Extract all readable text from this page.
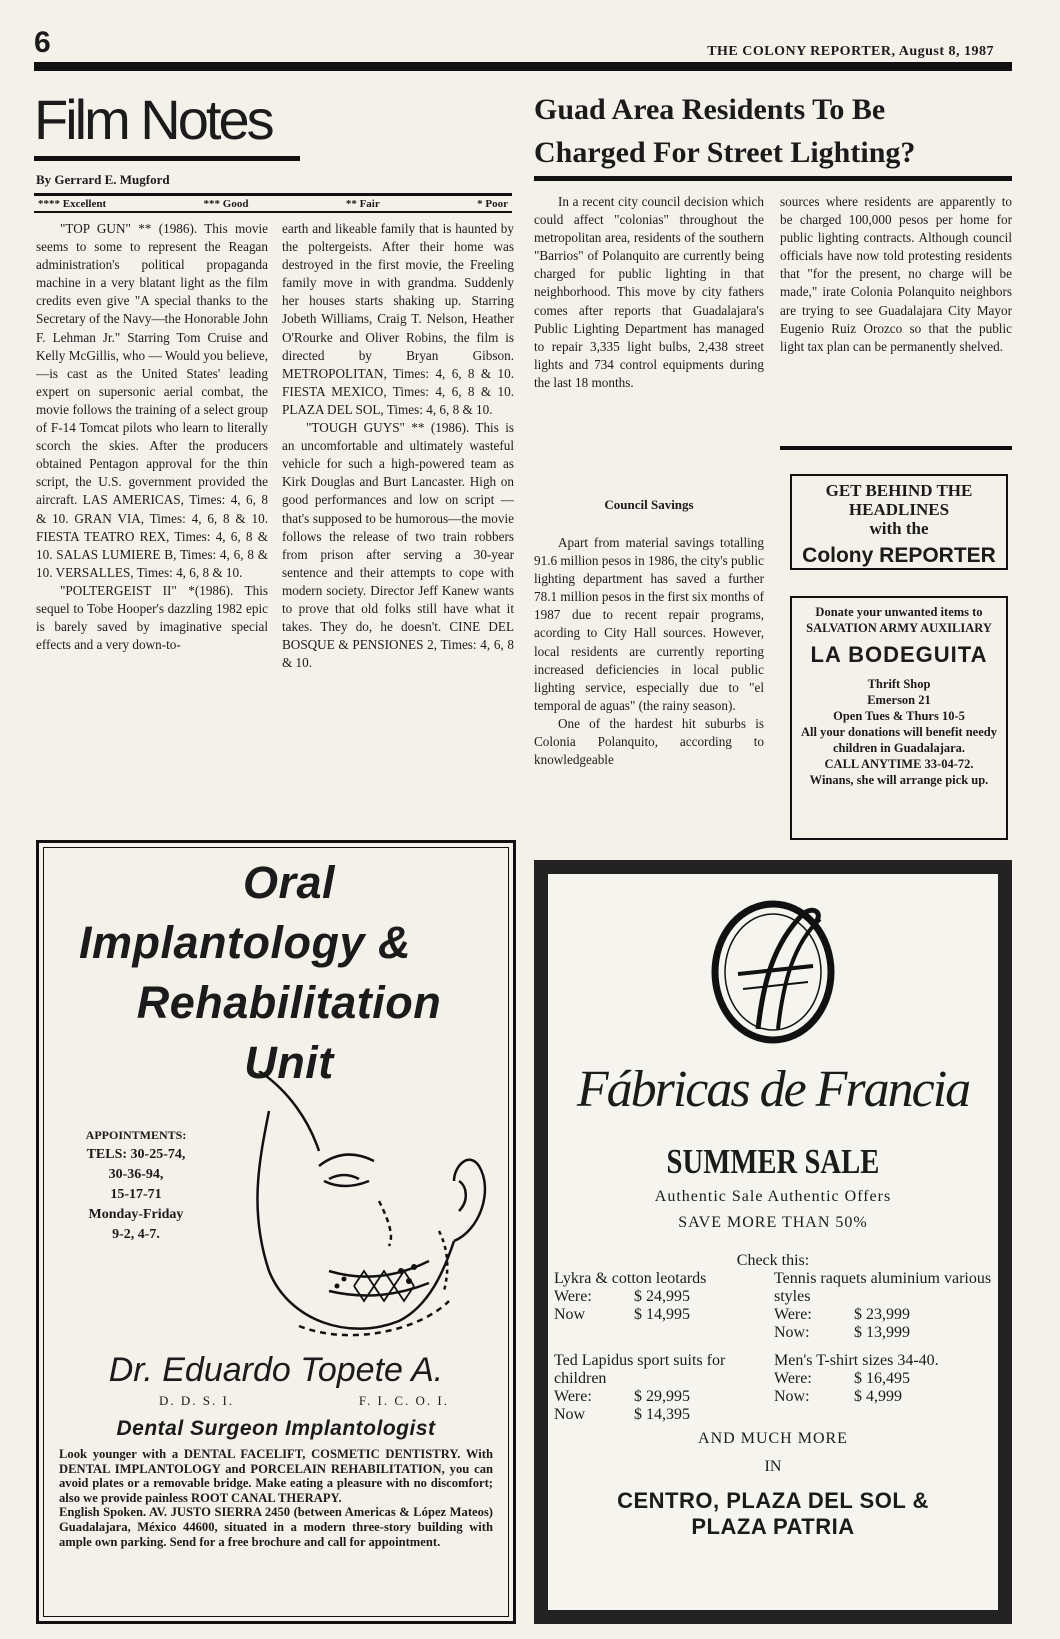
6	THE COLONY REPORTER, August 8, 1987
Film Notes
By Gerrard E. Mugford
**** Excellent	*** Good	** Fair	* Poor

"TOP GUN" ** (1986). This movie seems to some to represent the Reagan administration's political propaganda machine in a very blatant light as the film credits even give "A special thanks to the Secretary of the Navy—the Honorable John F. Lehman Jr." Starring Tom Cruise and Kelly McGillis, who — Would you believe,—is cast as the United States' leading expert on supersonic aerial combat, the movie follows the training of a select group of F-14 Tomcat pilots who learn to literally scorch the skies. After the producers obtained Pentagon approval for the thin script, the U.S. government provided the aircraft. LAS AMERICAS, Times: 4, 6, 8 & 10. GRAN VIA, Times: 4, 6, 8 & 10. FIESTA TEATRO REX, Times: 4, 6, 8 & 10. SALAS LUMIERE B, Times: 4, 6, 8 & 10. VERSALLES, Times: 4, 6, 8 & 10.

"POLTERGEIST II" *(1986). This sequel to Tobe Hooper's dazzling 1982 epic is barely saved by imaginative special effects and a very down-to-

earth and likeable family that is haunted by the poltergeists. After their home was destroyed in the first movie, the Freeling family move in with grandma. Suddenly her houses starts shaking up. Starring Jobeth Williams, Craig T. Nelson, Heather O'Rourke and Oliver Robins, the film is directed by Bryan Gibson. METROPOLITAN, Times: 4, 6, 8 & 10. FIESTA MEXICO, Times: 4, 6, 8 & 10. PLAZA DEL SOL, Times: 4, 6, 8 & 10.

"TOUGH GUYS" ** (1986). This is an uncomfortable and ultimately wasteful vehicle for such a high-powered team as Kirk Douglas and Burt Lancaster. High on good performances and low on script —that's supposed to be humorous—the movie follows the release of two train robbers from prison after serving a 30-year sentence and their attempts to cope with modern society. Director Jeff Kanew wants to prove that old folks still have what it takes. They do, he doesn't. CINE DEL BOSQUE & PENSIONES 2, Times: 4, 6, 8 & 10.

Guad Area Residents To Be Charged For Street Lighting?

In a recent city council decision which could affect "colonias" throughout the metropolitan area, residents of the southern "Barrios" of Polanquito are currently being charged for public lighting in that neighborhood. This move by city fathers comes after reports that Guadalajara's Public Lighting Department has managed to repair 3,335 light bulbs, 2,438 street lights and 734 control equipments during the last 18 months.

Council Savings

Apart from material savings totalling 91.6 million pesos in 1986, the city's public lighting department has saved a further 78.1 million pesos in the first six months of 1987 due to recent repair programs, acording to City Hall sources. However, local residents are currently reporting increased deficiencies in local public lighting service, especially due to "el temporal de aguas" (the rainy season).

One of the hardest hit suburbs is Colonia Polanquito, according to knowledgeable

sources where residents are apparently to be charged 100,000 pesos per home for public lighting contracts. Although council officials have now told protesting residents that "for the present, no charge will be made," irate Colonia Polanquito neighbors are trying to see Guadalajara City Mayor Eugenio Ruiz Orozco so that the public light tax plan can be permanently shelved.

GET BEHIND THE HEADLINES
with the
Colony REPORTER
Donate your unwanted items to
SALVATION ARMY AUXILIARY
LA BODEGUITA
Thrift Shop
Emerson 21
Open Tues & Thurs 10-5
All your donations will benefit needy children in Guadalajara.
CALL ANYTIME 33-04-72.
Winans, she will arrange pick up.
Oral
Implantology &
Rehabilitation
Unit
APPOINTMENTS:
TELS: 30-25-74,
30-36-94,
15-17-71
Monday-Friday
9-2, 4-7.
Dr. Eduardo Topete A.
D. D. S. I.	F. I. C. O. I.
Dental Surgeon Implantologist

Look younger with a DENTAL FACELIFT, COSMETIC DENTISTRY. With DENTAL IMPLANTOLOGY and PORCELAIN REHABILITATION, you can avoid plates or a removable bridge. Make eating a pleasure with no discomfort; also we provide painless ROOT CANAL THERAPY.

English Spoken. AV. JUSTO SIERRA 2450 (between Americas & López Mateos) Guadalajara, México 44600, situated in a modern three-story building with ample own parking. Send for a free brochure and call for appointment.

Fábricas de Francia
SUMMER SALE
Authentic Sale Authentic Offers
SAVE MORE THAN 50%
Check this:
Lykra & cotton leotards
Were:	$ 24,995
Now	$ 14,995
Tennis raquets aluminium various styles
Were:	$ 23,999
Now:	$ 13,999
Ted Lapidus sport suits for children
Were:	$ 29,995
Now	$ 14,395
Men's T-shirt sizes 34-40.
Were:	$ 16,495
Now:	$ 4,999
AND MUCH MORE
IN
CENTRO, PLAZA DEL SOL & PLAZA PATRIA
